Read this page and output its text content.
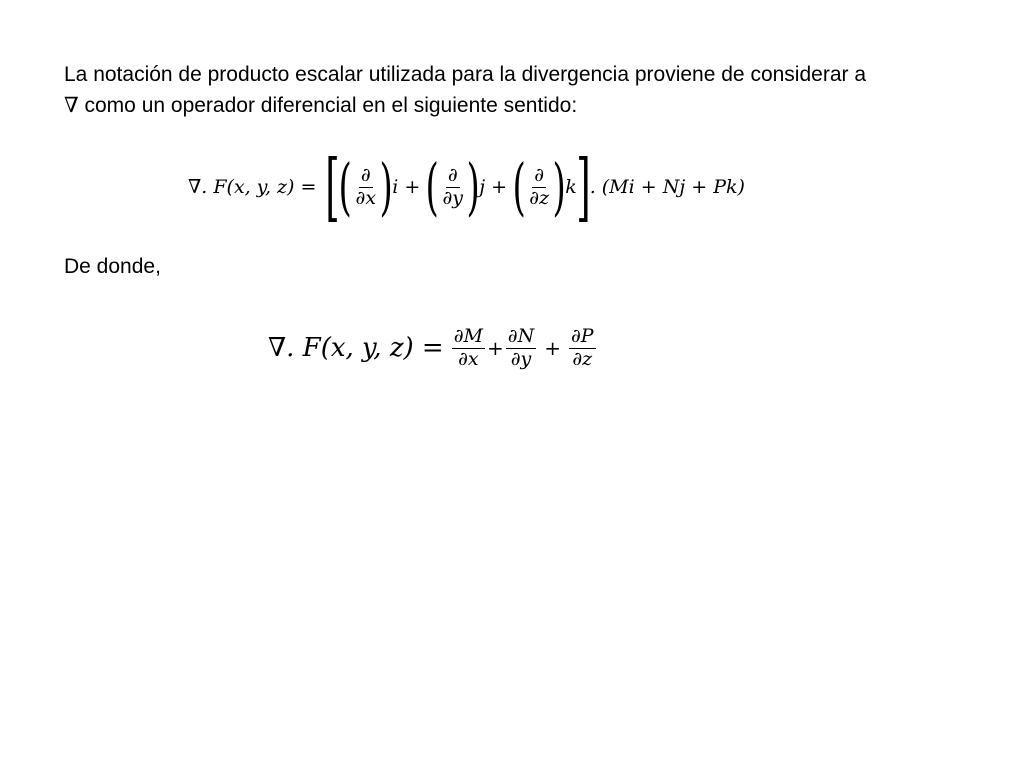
La notación de producto escalar utilizada para la divergencia proviene de considerar a
∇ como un operador diferencial en el siguiente sentido:
∇. F(x, y, z) = [
( $\frac{\partial}{\partial x}$ ) i + ( $\frac{\partial}{\partial y}$ ) j + ( $\frac{\partial}{\partial z}$ ) k ] . (Mi + Nj + Pk)
De donde,
∇. F(x, y, $z) = \frac{\partial M}{\partial x} + \frac{\partial N}{\partial y} + \frac{\partial P}{\partial z}$
